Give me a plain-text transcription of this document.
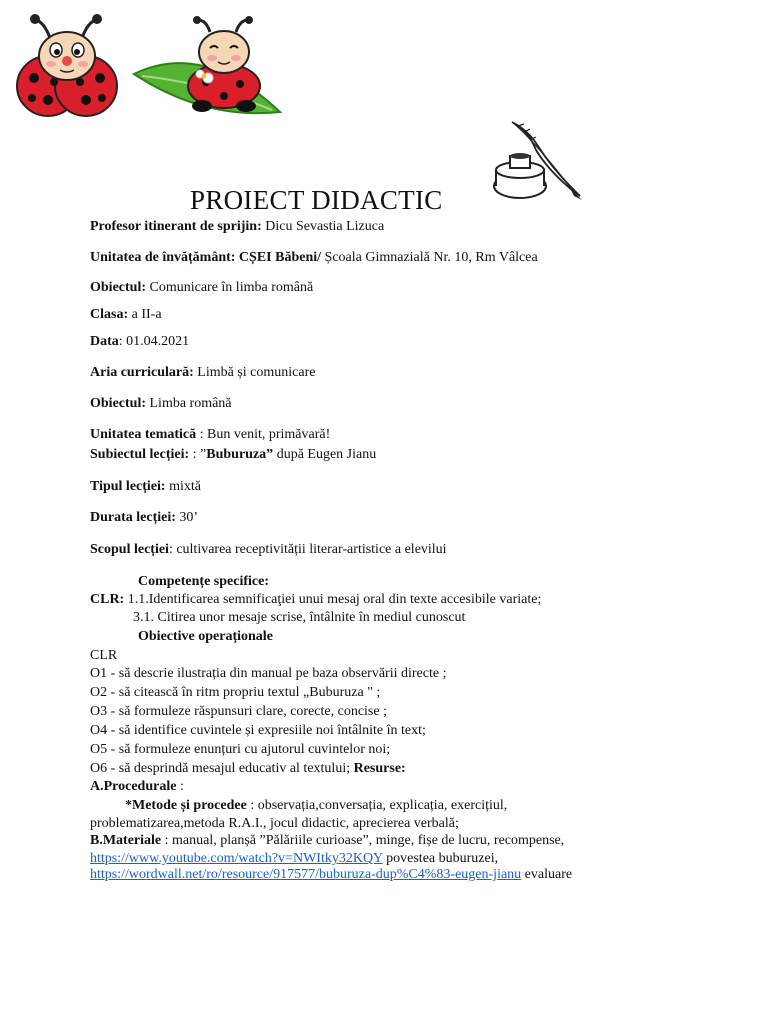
PROIECT DIDACTIC
Profesor itinerant de sprijin: Dicu Sevastia Lizuca
Unitatea de învățământ: CȘEI Băbeni/ Școala Gimnazială Nr. 10, Rm Vâlcea
Obiectul: Comunicare în limba română
Clasa: a II-a
Data: 01.04.2021
Aria curriculară: Limbă și comunicare
Obiectul: Limba română
Unitatea tematică : Bun venit, primăvară!
Subiectul lecției: : ”Buburuza” după Eugen Jianu
Tipul lecției: mixtă
Durata lecției: 30’
Scopul lecției: cultivarea receptivității literar-artistice a elevilui
Competențe specifice:
CLR: 1.1.Identificarea semnificaţiei unui mesaj oral din texte accesibile variate;
3.1. Citirea unor mesaje scrise, întâlnite în mediul cunoscut
Obiective operaționale
CLR
O1 - să descrie ilustrația din manual pe baza observării directe ;
O2 - să citească în ritm propriu textul „Buburuza " ;
O3 - să formuleze răspunsuri clare, corecte, concise ;
O4 - să identifice cuvintele și expresiile noi întâlnite în text;
O5 - să formuleze enunțuri cu ajutorul cuvintelor noi;
O6 - să desprindă mesajul educativ al textului; Resurse:
A.Procedurale :
*Metode și procedee : observația,conversația, explicația, exercițiul,
problematizarea,metoda R.A.I., jocul didactic, aprecierea verbală;
B.Materiale : manual, planșă ”Pălăriile curioase”, minge, fișe de lucru, recompense,
https://www.youtube.com/watch?v=NWItky32KQY povestea buburuzei,
https://wordwall.net/ro/resource/917577/buburuza-dup%C4%83-eugen-jianu evaluare
